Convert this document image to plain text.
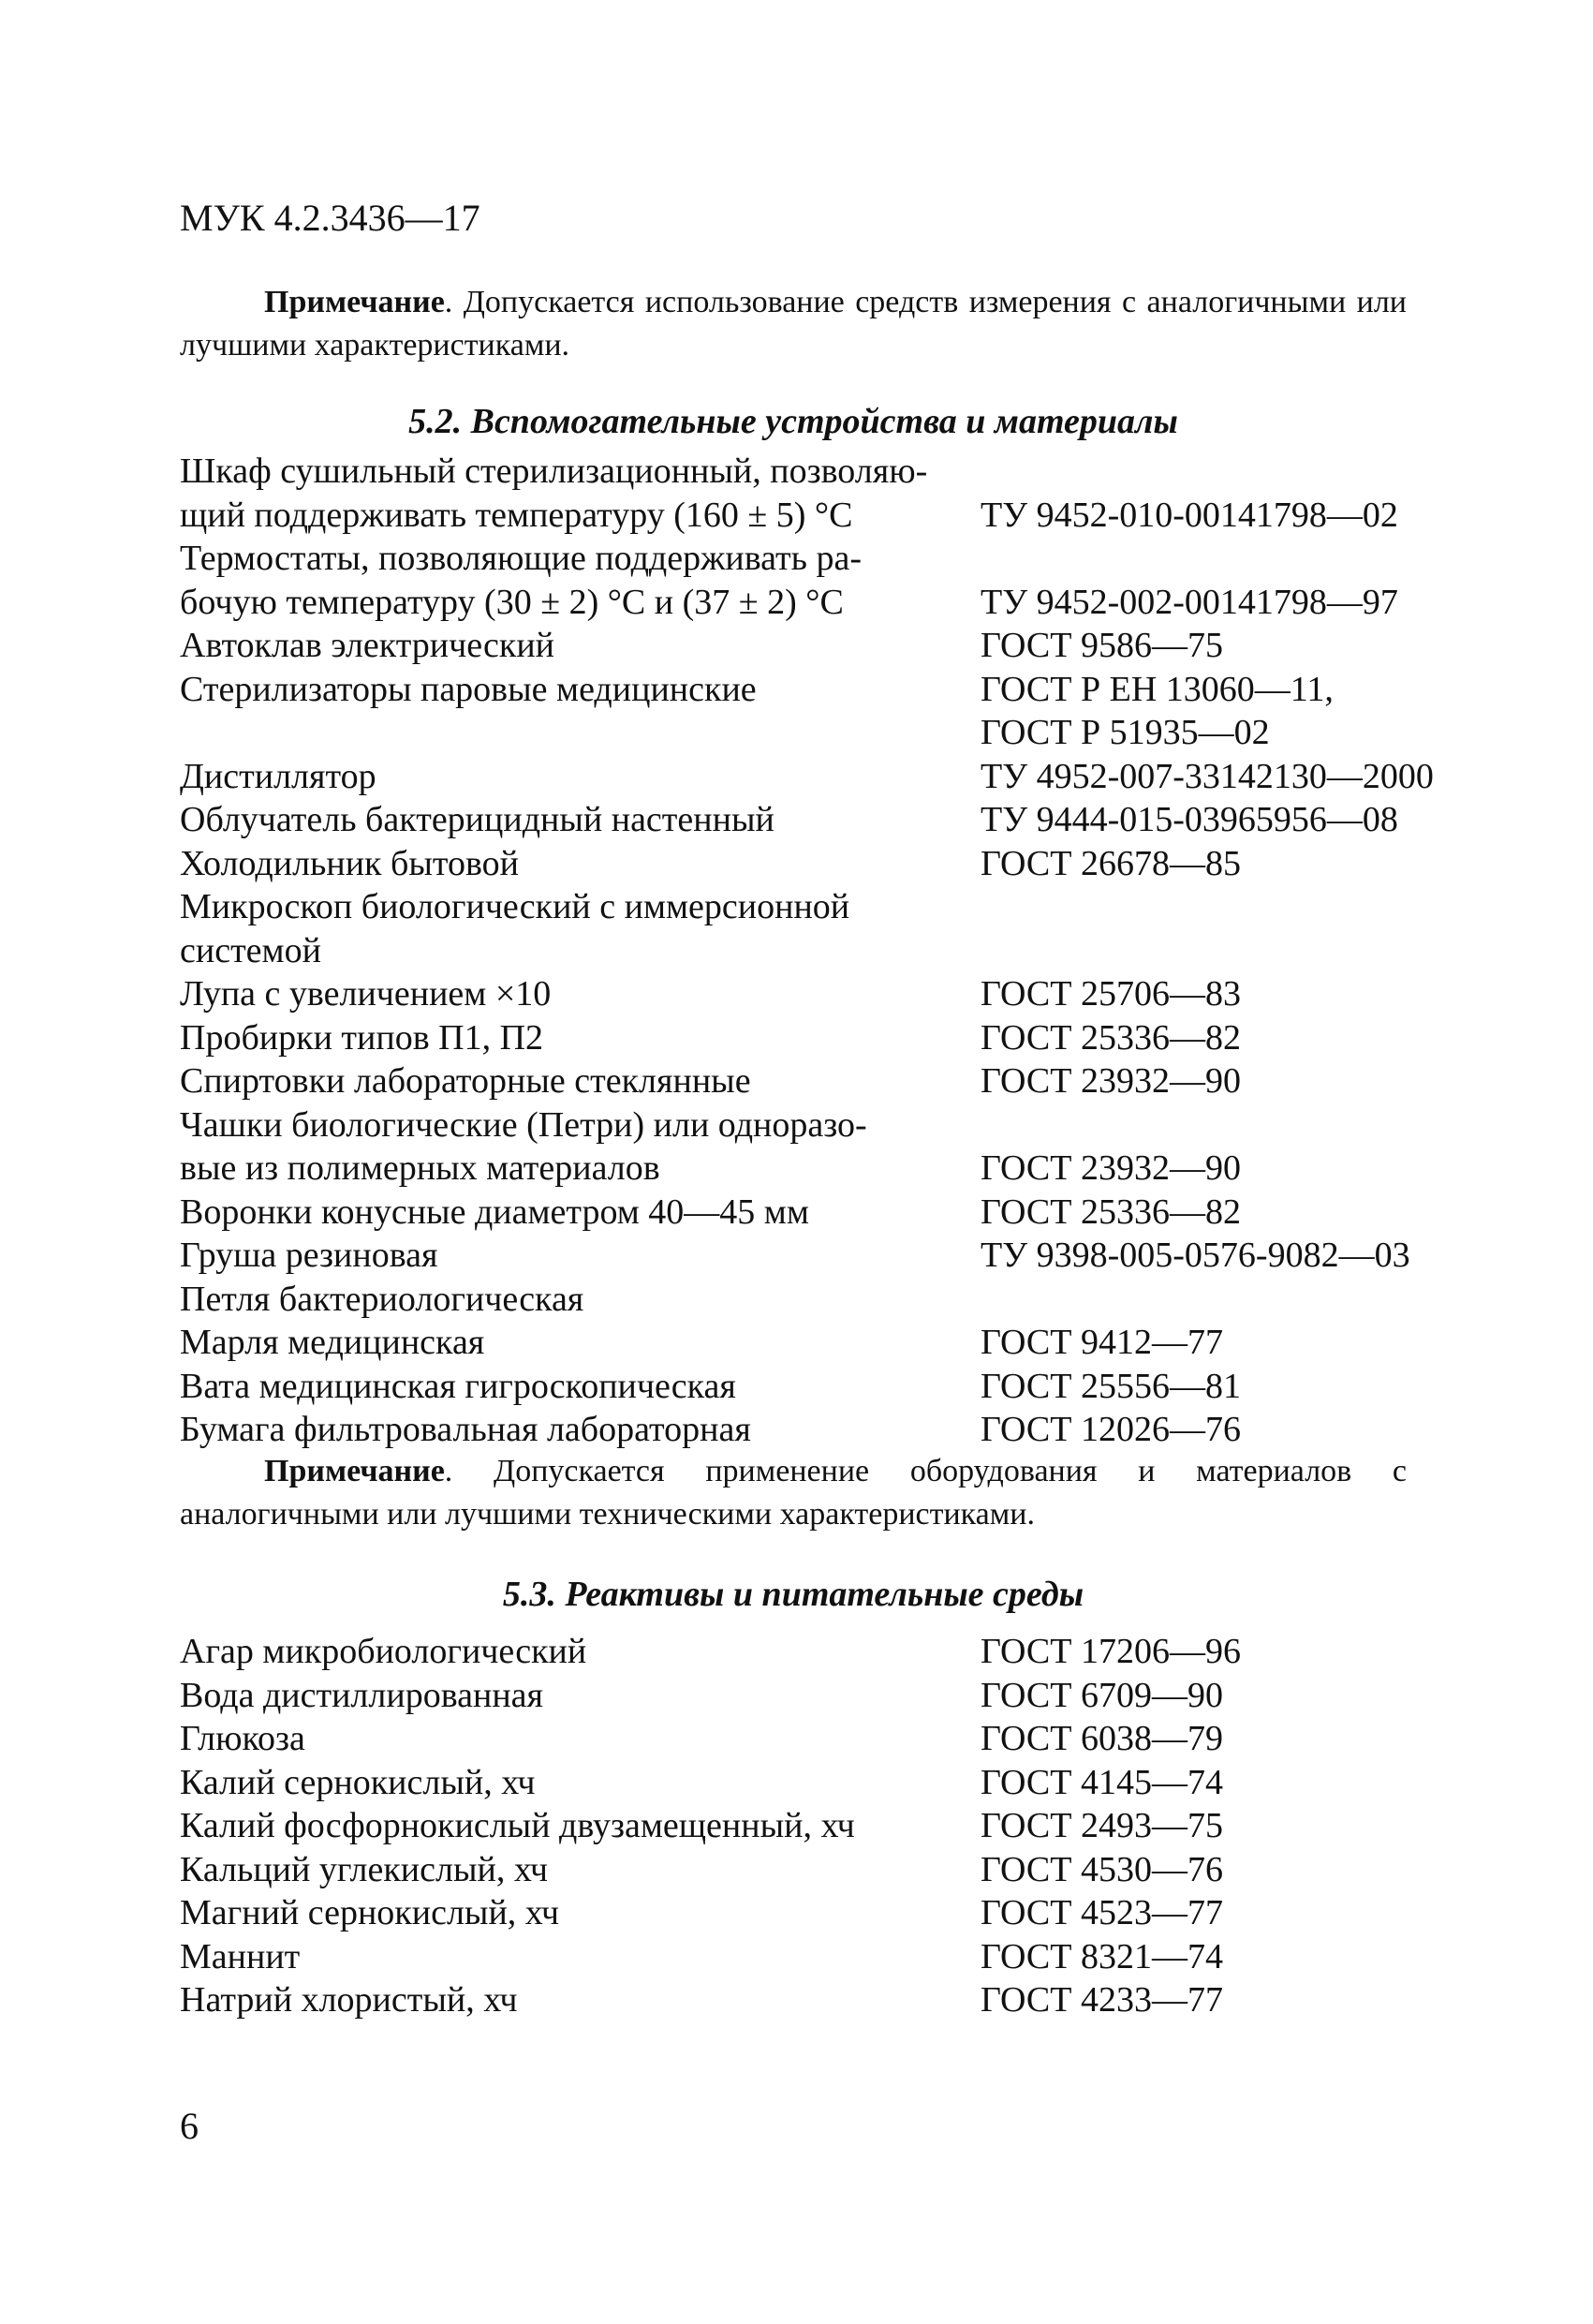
МУК 4.2.3436—17
Примечание. Допускается использование средств измерения с аналогичными или лучшими характеристиками.
5.2. Вспомогательные устройства и материалы
Шкаф сушильный стерилизационный, позволяю-
щий поддерживать температуру (160 ± 5) °С
	ТУ 9452-010-00141798—02
Термостаты, позволяющие поддерживать ра-
бочую температуру (30 ± 2) °С и (37 ± 2) °С
	ТУ 9452-002-00141798—97
Автоклав электрический	ГОСТ 9586—75
Стерилизаторы паровые медицинские
	ГОСТ Р ЕН 13060—11,
ГОСТ Р 51935—02
Дистиллятор	ТУ 4952-007-33142130—2000
Облучатель бактерицидный настенный	ТУ 9444-015-03965956—08
Холодильник бытовой	ГОСТ 26678—85
Микроскоп биологический с иммерсионной
системой

Лупа с увеличением ×10	ГОСТ 25706—83
Пробирки типов П1, П2	ГОСТ 25336—82
Спиртовки лабораторные стеклянные	ГОСТ 23932—90
Чашки биологические (Петри) или одноразо-
вые из полимерных материалов
	ГОСТ 23932—90
Воронки конусные диаметром 40—45 мм	ГОСТ 25336—82
Груша резиновая	ТУ 9398-005-0576-9082—03
Петля бактериологическая

Марля медицинская	ГОСТ 9412—77
Вата медицинская гигроскопическая	ГОСТ 25556—81
Бумага фильтровальная лабораторная	ГОСТ 12026—76
Примечание. Допускается применение оборудования и материалов с аналогичными или лучшими техническими характеристиками.
5.3. Реактивы и питательные среды
Агар микробиологический	ГОСТ 17206—96
Вода дистиллированная	ГОСТ 6709—90
Глюкоза	ГОСТ 6038—79
Калий сернокислый, хч	ГОСТ 4145—74
Калий фосфорнокислый двузамещенный, хч	ГОСТ 2493—75
Кальций углекислый, хч	ГОСТ 4530—76
Магний сернокислый, хч	ГОСТ 4523—77
Маннит	ГОСТ 8321—74
Натрий хлористый, хч	ГОСТ 4233—77
6
